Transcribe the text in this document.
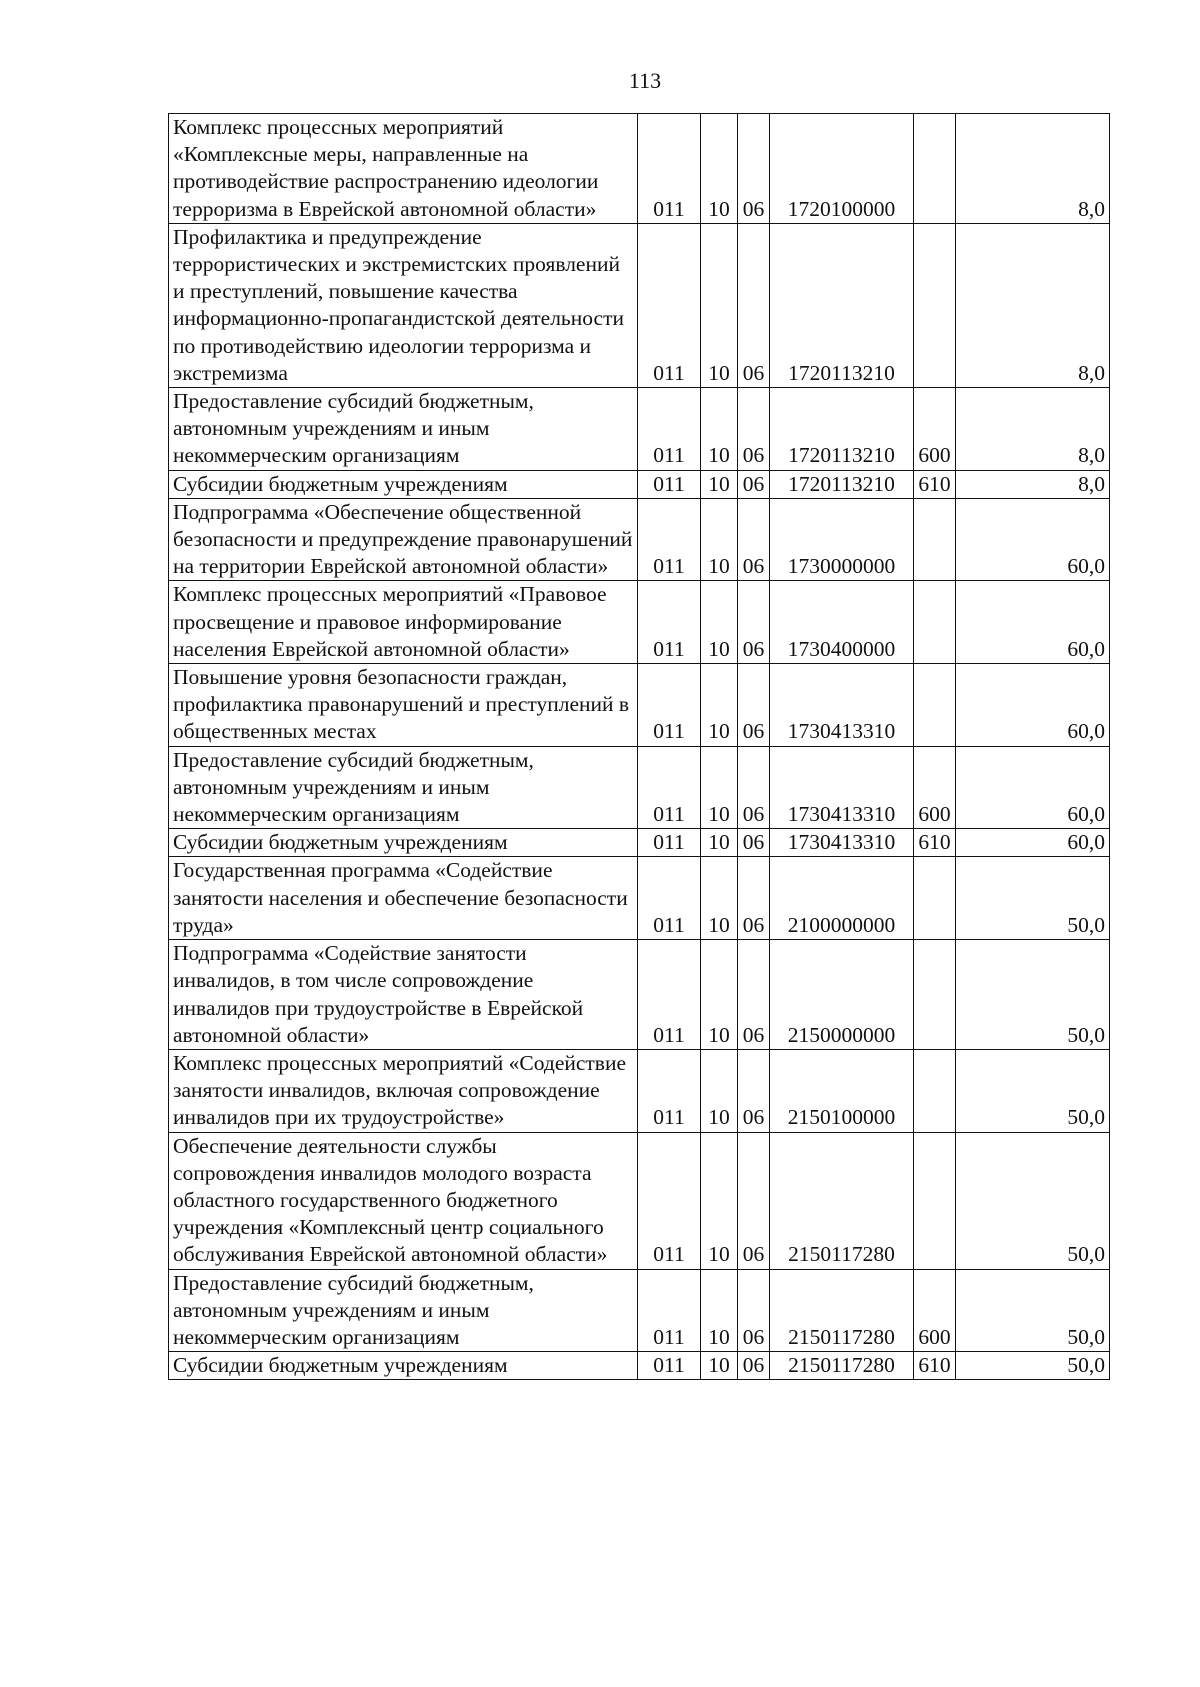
113
Комплекс процессных мероприятий «Комплексные меры, направленные на противодействие распространению идеологии терроризма в Еврейской автономной области»	011	10	06	1720100000		8,0
Профилактика и предупреждение террористических и экстремистских проявлений и преступлений, повышение качества информационно-пропагандистской деятельности по противодействию идеологии терроризма и экстремизма	011	10	06	1720113210		8,0
Предоставление субсидий бюджетным, автономным учреждениям и иным некоммерческим организациям	011	10	06	1720113210	600	8,0
Субсидии бюджетным учреждениям	011	10	06	1720113210	610	8,0
Подпрограмма «Обеспечение общественной безопасности и предупреждение правонарушений на территории Еврейской автономной области»	011	10	06	1730000000		60,0
Комплекс процессных мероприятий «Правовое просвещение и правовое информирование населения Еврейской автономной области»	011	10	06	1730400000		60,0
Повышение уровня безопасности граждан, профилактика правонарушений и преступлений в общественных местах	011	10	06	1730413310		60,0
Предоставление субсидий бюджетным, автономным учреждениям и иным некоммерческим организациям	011	10	06	1730413310	600	60,0
Субсидии бюджетным учреждениям	011	10	06	1730413310	610	60,0
Государственная программа «Содействие занятости населения и обеспечение безопасности труда»	011	10	06	2100000000		50,0
Подпрограмма «Содействие занятости инвалидов, в том числе сопровождение инвалидов при трудоустройстве в Еврейской автономной области»	011	10	06	2150000000		50,0
Комплекс процессных мероприятий «Содействие занятости инвалидов, включая сопровождение инвалидов при их трудоустройстве»	011	10	06	2150100000		50,0
Обеспечение деятельности службы сопровождения инвалидов молодого возраста областного государственного бюджетного учреждения «Комплексный центр социального обслуживания Еврейской автономной области»	011	10	06	2150117280		50,0
Предоставление субсидий бюджетным, автономным учреждениям и иным некоммерческим организациям	011	10	06	2150117280	600	50,0
Субсидии бюджетным учреждениям	011	10	06	2150117280	610	50,0
